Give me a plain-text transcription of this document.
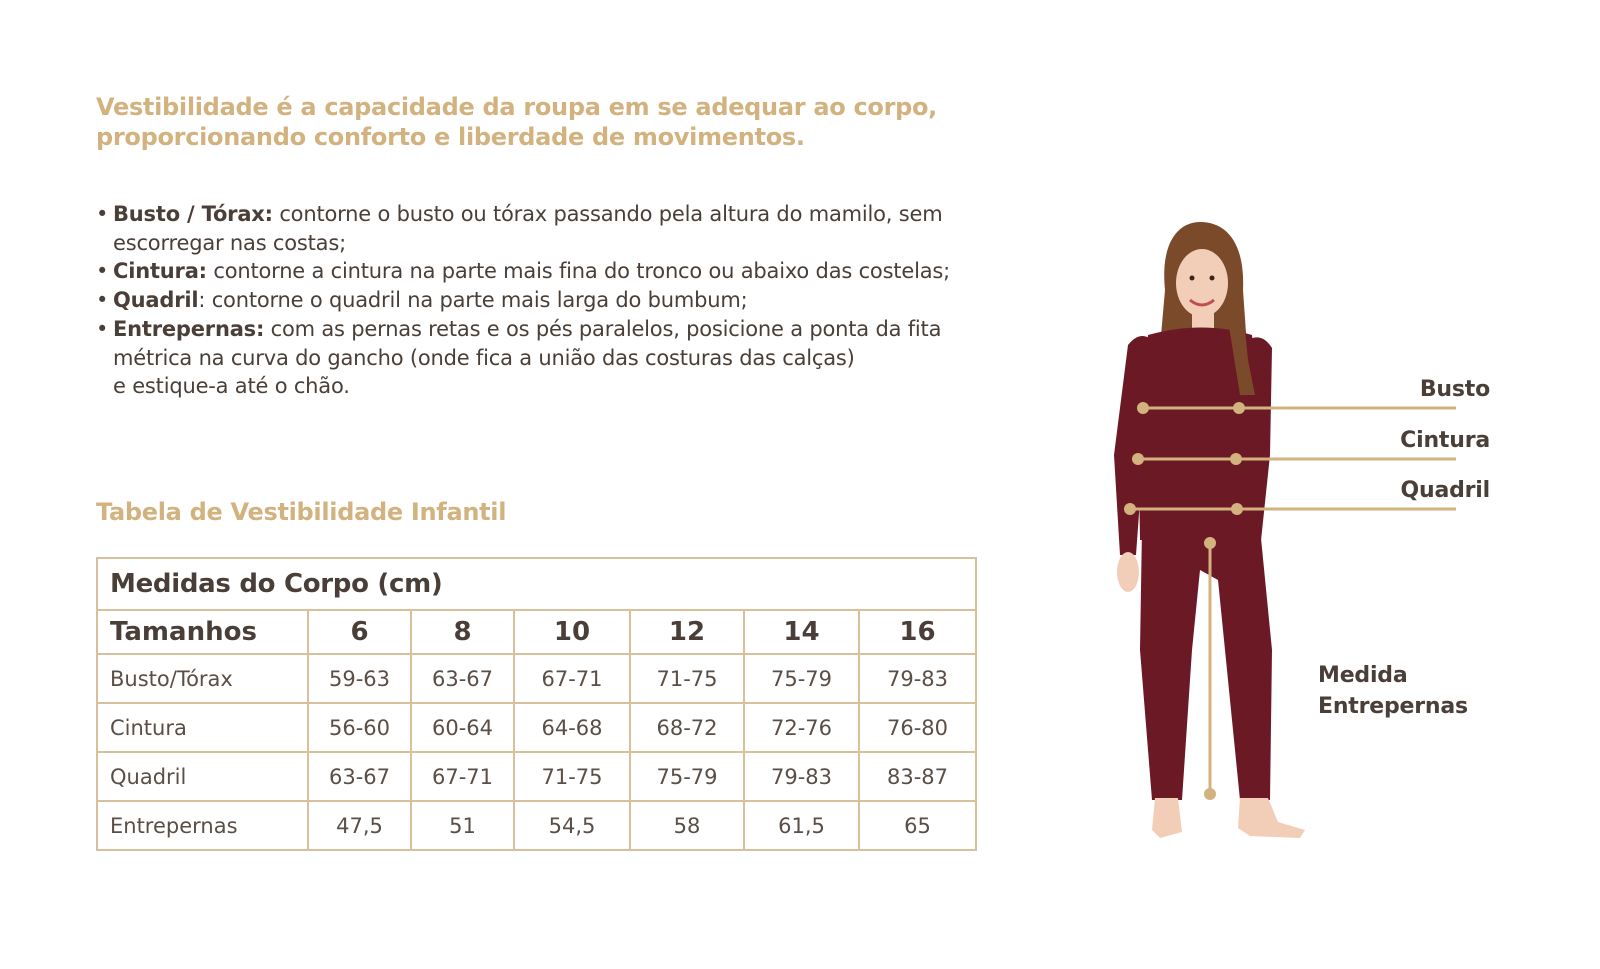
Vestibilidade é a capacidade da roupa em se adequar ao corpo,
proporcionando conforto e liberdade de movimentos.
• Busto / Tórax: contorne o busto ou tórax passando pela altura do mamilo, sem
escorregar nas costas;
• Cintura: contorne a cintura na parte mais fina do tronco ou abaixo das costelas;
• Quadril: contorne o quadril na parte mais larga do bumbum;
• Entrepernas: com as pernas retas e os pés paralelos, posicione a ponta da fita
métrica na curva do gancho (onde fica a união das costuras das calças)
e estique-a até o chão.
Tabela de Vestibilidade Infantil
Medidas do Corpo (cm)						
Tamanhos	6	8	10	12	14	16
Busto/Tórax	59-63	63-67	67-71	71-75	75-79	79-83
Cintura	56-60	60-64	64-68	68-72	72-76	76-80
Quadril	63-67	67-71	71-75	75-79	79-83	83-87
Entrepernas	47,5	51	54,5	58	61,5	65
Busto
Cintura
Quadril
Medida
Entrepernas
